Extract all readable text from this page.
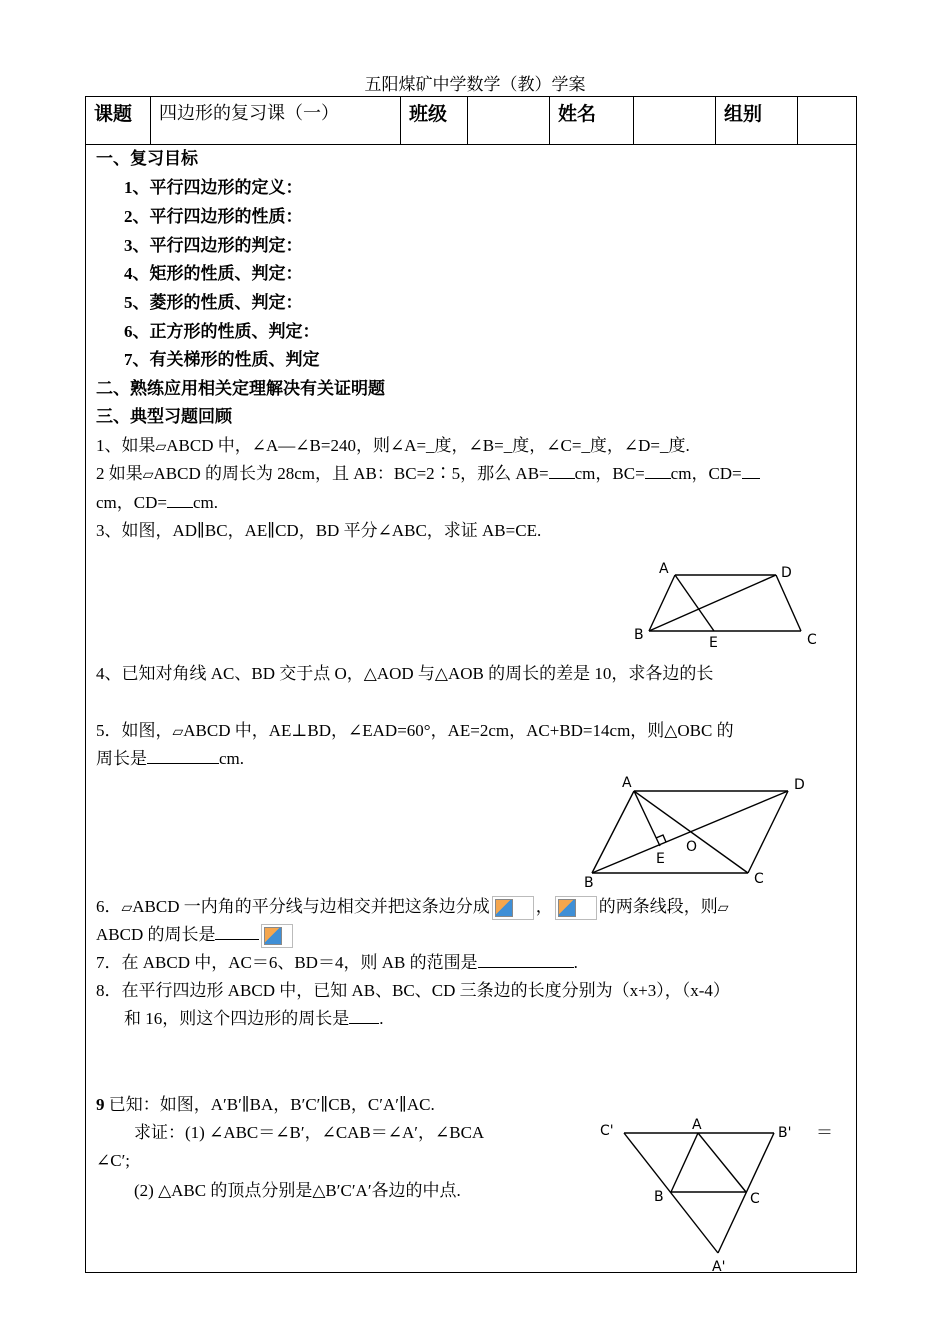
五阳煤矿中学数学（教）学案
课题	四边形的复习课（一）	班级	姓名	组别
一、复习目标
1、平行四边形的定义：
2、平行四边形的性质：
3、平行四边形的判定：
4、矩形的性质、判定：
5、菱形的性质、判定：
6、正方形的性质、判定：
7、有关梯形的性质、判定
二、熟练应用相关定理解决有关证明题
三、典型习题回顾
1、如果▱ABCD 中，∠A—∠B=240，则∠A=_度，∠B=_度，∠C=_度，∠D=_度.
2 如果▱ABCD 的周长为 28cm，且 AB：BC=2∶5，那么 AB= cm，BC= cm，CD=
cm，CD= cm.
3、如图，AD∥BC，AE∥CD，BD 平分∠ABC，求证 AB=CE.
A	D
B	E	C
4、已知对角线 AC、BD 交于点 O，△AOD 与△AOB 的周长的差是 10，求各边的长
5．如图，▱ABCD 中，AE⊥BD，∠EAD=60°，AE=2cm，AC+BD=14cm，则△OBC 的
周长是	cm.
A	D
B
E
O
C
6．▱ABCD 一内角的平分线与边相交并把这条边分成	，	的两条线段，则▱
ABCD 的周长是
7．在 ABCD 中，AC＝6、BD＝4，则 AB 的范围是	.
8．在平行四边形 ABCD 中，已知 AB、BC、CD 三条边的长度分别为（x+3），（x-4）
和 16，则这个四边形的周长是 .
9 已知：如图，A′B′∥BA，B′C′∥CB，C′A′∥AC.
求证：(1) ∠ABC＝∠B′，∠CAB＝∠A′，∠BCA	＝
∠C′;
(2) △ABC 的顶点分别是△B′C′A′各边的中点.
C'	A	B'
B	C
A'
